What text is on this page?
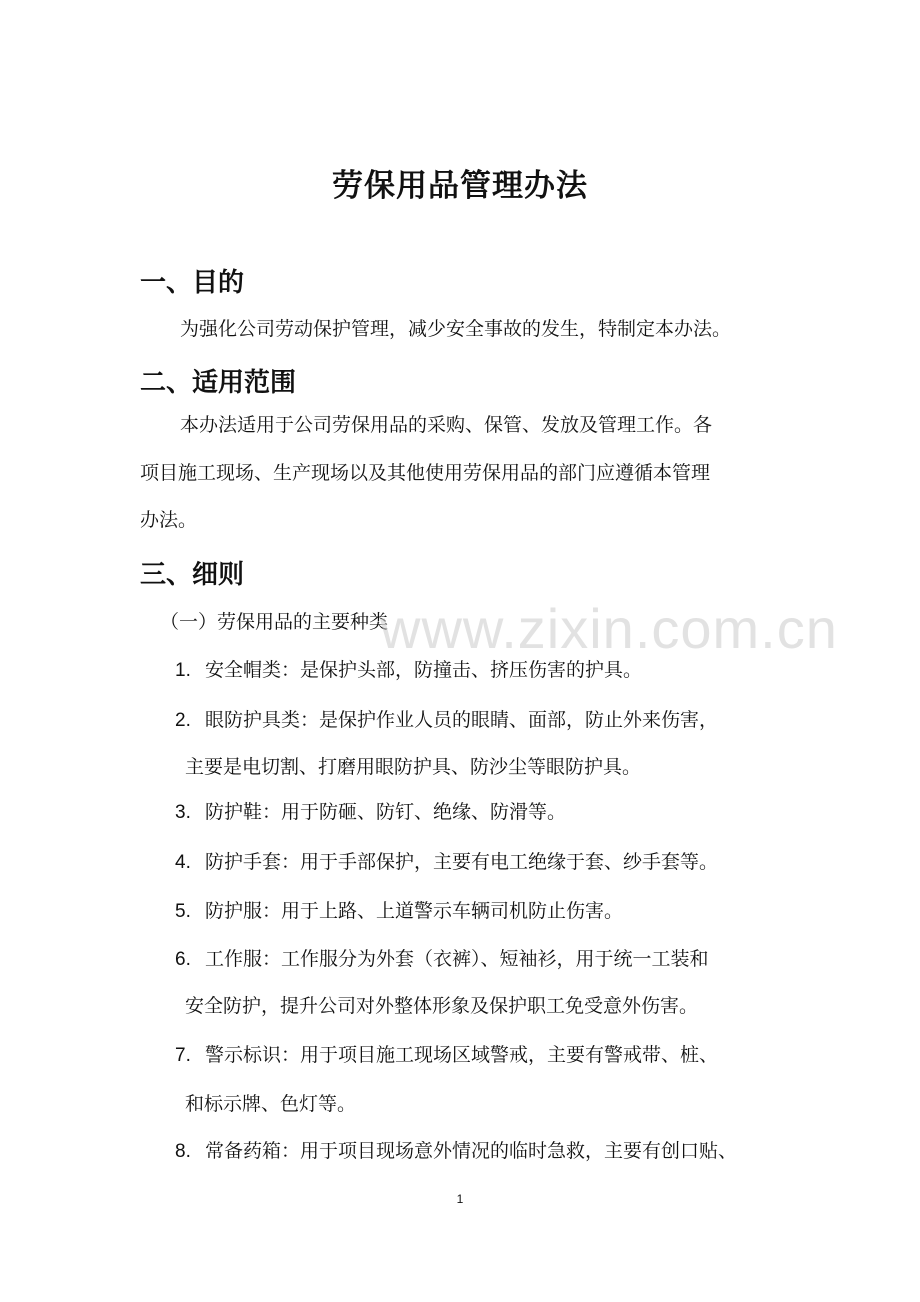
劳保用品管理办法
一、目的

为强化公司劳动保护管理，减少安全事故的发生，特制定本办法。

二、适用范围

本办法适用于公司劳保用品的采购、保管、发放及管理工作。各

项目施工现场、生产现场以及其他使用劳保用品的部门应遵循本管理

办法。

三、细则

（一）劳保用品的主要种类

1. 安全帽类：是保护头部，防撞击、挤压伤害的护具。

2. 眼防护具类：是保护作业人员的眼睛、面部，防止外来伤害，

主要是电切割、打磨用眼防护具、防沙尘等眼防护具。

3. 防护鞋：用于防砸、防钉、绝缘、防滑等。

4. 防护手套：用于手部保护，主要有电工绝缘于套、纱手套等。

5. 防护服：用于上路、上道警示车辆司机防止伤害。

6. 工作服：工作服分为外套（衣裤）、短袖衫，用于统一工装和

安全防护，提升公司对外整体形象及保护职工免受意外伤害。

7. 警示标识：用于项目施工现场区域警戒，主要有警戒带、桩、

和标示牌、色灯等。

8. 常备药箱：用于项目现场意外情况的临时急救，主要有创口贴、

www.zixin.com.cn

1
